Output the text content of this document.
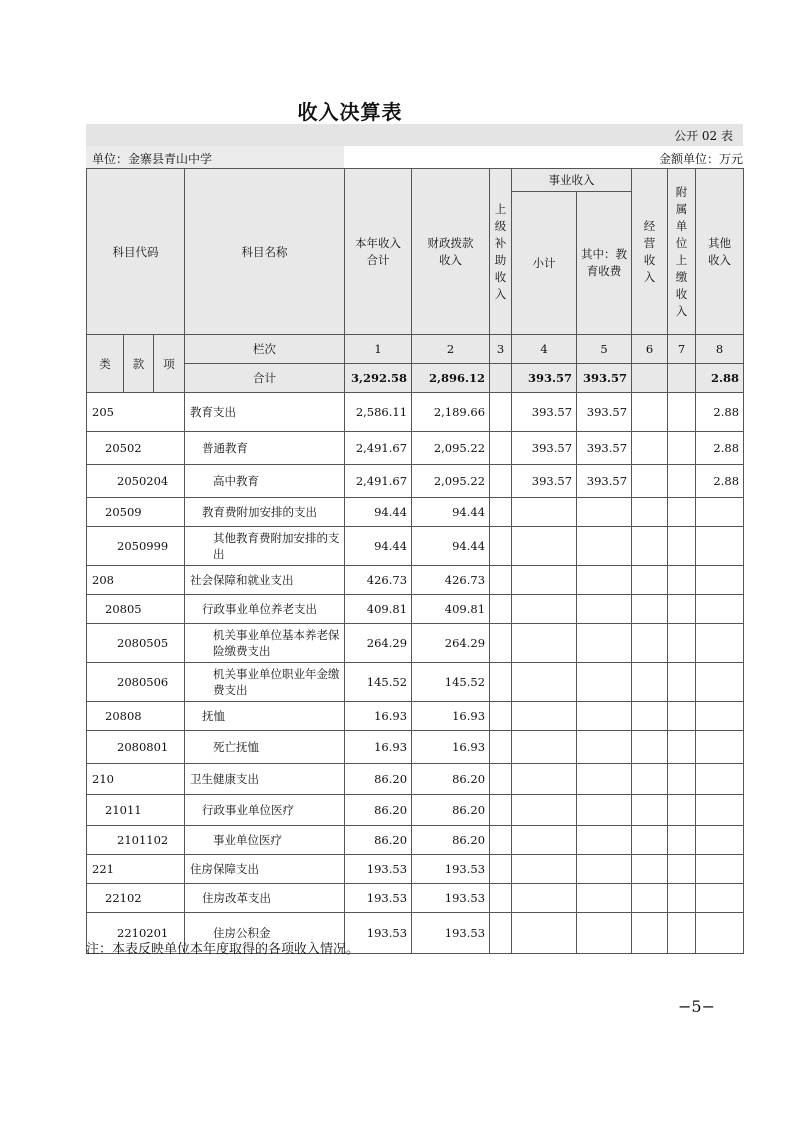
收入决算表
公开 02 表
单位：金寨县青山中学	金额单位：万元
科目代码			科目名称	本年收入合计	财政拨款收入	上级补助收入	事业收入		经营收入	附属单位上缴收入	其他收入

							小计	其中：教育收费			

类	款	项	栏次	1	2	3	4	5	6	7	8
			合计	3,292.58	2,896.12		393.57	393.57			2.88
205			教育支出	2,586.11	2,189.66		393.57	393.57			2.88
20502			普通教育	2,491.67	2,095.22		393.57	393.57			2.88
2050204			高中教育	2,491.67	2,095.22		393.57	393.57			2.88
20509			教育费附加安排的支出	94.44	94.44						
2050999			其他教育费附加安排的支出	94.44	94.44						
208			社会保障和就业支出	426.73	426.73						
20805			行政事业单位养老支出	409.81	409.81						
2080505			机关事业单位基本养老保险缴费支出	264.29	264.29						
2080506			机关事业单位职业年金缴费支出	145.52	145.52						
20808			抚恤	16.93	16.93						
2080801			死亡抚恤	16.93	16.93						
210			卫生健康支出	86.20	86.20						
21011			行政事业单位医疗	86.20	86.20						
2101102			事业单位医疗	86.20	86.20						
221			住房保障支出	193.53	193.53						
22102			住房改革支出	193.53	193.53						
2210201			住房公积金	193.53	193.53						
注：本表反映单位本年度取得的各项收入情况。
−5−
